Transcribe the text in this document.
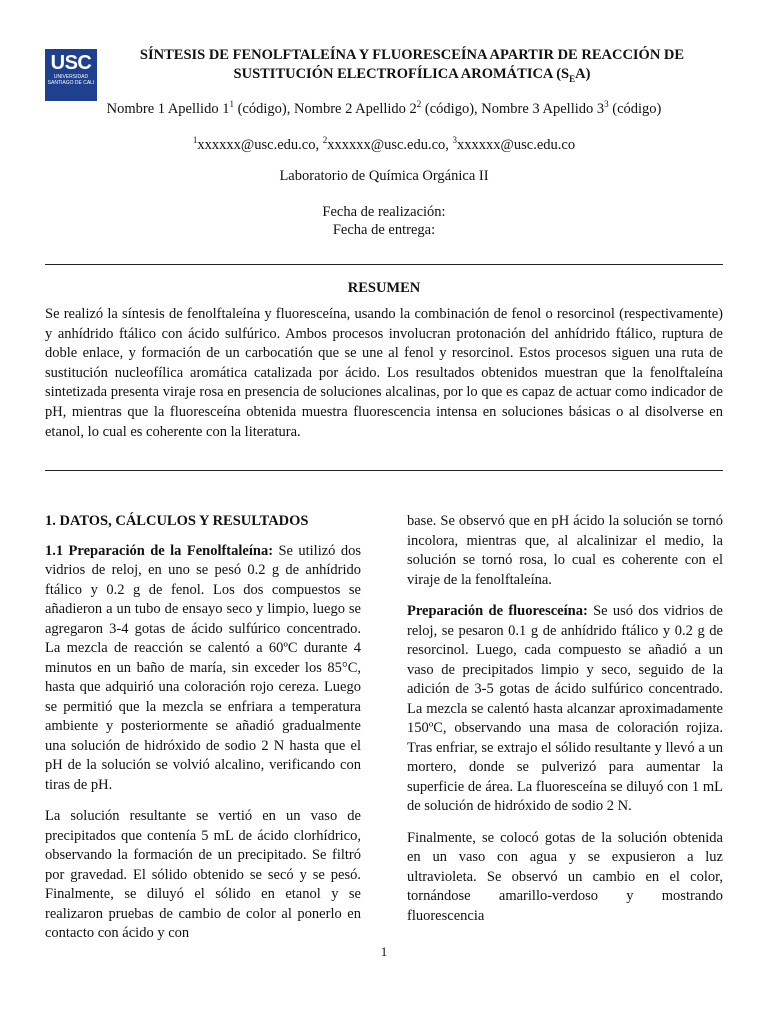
USC
UNIVERSIDAD SANTIAGO DE CALI
SÍNTESIS DE FENOLFTALEÍNA Y FLUORESCEÍNA APARTIR DE REACCIÓN DE
SUSTITUCIÓN ELECTROFÍLICA AROMÁTICA $(S_EA)$
Nombre 1 Apellido $1^1$ (código), Nombre 2 Apellido $2^2$ (código), Nombre 3 Apellido $3^3$ (código)
$^1$xxxxxx@usc.edu.co, $^2$xxxxxx@usc.edu.co, $^3$xxxxxx@usc.edu.co
Laboratorio de Química Orgánica II
Fecha de realización:
Fecha de entrega:
RESUMEN

Se realizó la síntesis de fenolftaleína y fluoresceína, usando la combinación de fenol o resorcinol (respectivamente) y anhídrido ftálico con ácido sulfúrico. Ambos procesos involucran protonación del anhídrido ftálico, ruptura de doble enlace, y formación de un carbocatión que se une al fenol y resorcinol. Estos procesos siguen una ruta de sustitución nucleofílica aromática catalizada por ácido. Los resultados obtenidos muestran que la fenolftaleína sintetizada presenta viraje rosa en presencia de soluciones alcalinas, por lo que es capaz de actuar como indicador de pH, mientras que la fluoresceína obtenida muestra fluorescencia intensa en soluciones básicas o al disolverse en etanol, lo cual es coherente con la literatura.

1. DATOS, CÁLCULOS Y RESULTADOS

1.1 Preparación de la Fenolftaleína: Se utilizó dos vidrios de reloj, en uno se pesó 0.2 g de anhídrido ftálico y 0.2 g de fenol. Los dos compuestos se añadieron a un tubo de ensayo seco y limpio, luego se agregaron 3-4 gotas de ácido sulfúrico concentrado. La mezcla de reacción se calentó a 60ºC durante 4 minutos en un baño de maría, sin exceder los 85°C, hasta que adquirió una coloración rojo cereza. Luego se permitió que la mezcla se enfriara a temperatura ambiente y posteriormente se añadió gradualmente una solución de hidróxido de sodio 2 N hasta que el pH de la solución se volvió alcalino, verificando con tiras de pH.

La solución resultante se vertió en un vaso de precipitados que contenía 5 mL de ácido clorhídrico, observando la formación de un precipitado. Se filtró por gravedad. El sólido obtenido se secó y se pesó. Finalmente, se diluyó el sólido en etanol y se realizaron pruebas de cambio de color al ponerlo en contacto con ácido y con

base. Se observó que en pH ácido la solución se tornó incolora, mientras que, al alcalinizar el medio, la solución se tornó rosa, lo cual es coherente con el viraje de la fenolftaleína.

Preparación de fluoresceína: Se usó dos vidrios de reloj, se pesaron 0.1 g de anhídrido ftálico y 0.2 g de resorcinol. Luego, cada compuesto se añadió a un vaso de precipitados limpio y seco, seguido de la adición de 3-5 gotas de ácido sulfúrico concentrado. La mezcla se calentó hasta alcanzar aproximadamente 150ºC, observando una masa de coloración rojiza. Tras enfriar, se extrajo el sólido resultante y llevó a un mortero, donde se pulverizó para aumentar la superficie de área. La fluoresceína se diluyó con 1 mL de solución de hidróxido de sodio 2 N.

Finalmente, se colocó gotas de la solución obtenida en un vaso con agua y se expusieron a luz ultravioleta. Se observó un cambio en el color, tornándose amarillo-verdoso y mostrando fluorescencia

1
